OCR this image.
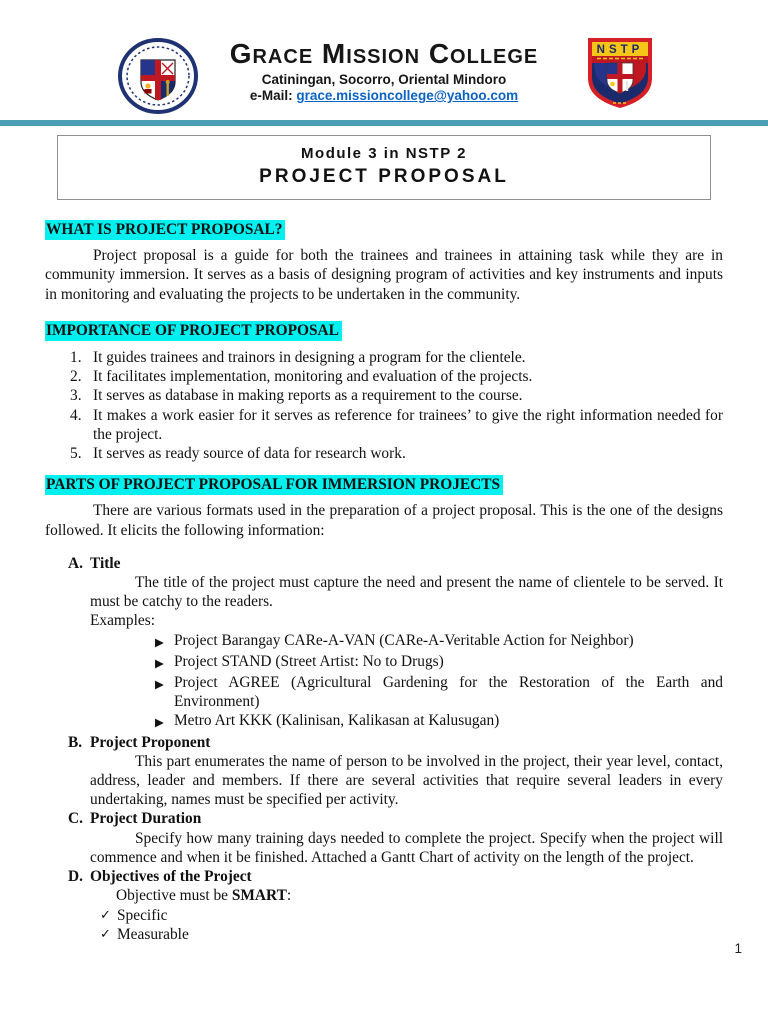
Grace Mission College
Catiningan, Socorro, Oriental Mindoro
e-Mail: grace.missioncollege@yahoo.com
NSTP
Module 3 in NSTP 2
PROJECT PROPOSAL
WHAT IS PROJECT PROPOSAL?

Project proposal is a guide for both the trainees and trainees in attaining task while they are in community immersion. It serves as a basis of designing program of activities and key instruments and inputs in monitoring and evaluating the projects to be undertaken in the community.

IMPORTANCE OF PROJECT PROPOSAL
1. It guides trainees and trainors in designing a program for the clientele.
2. It facilitates implementation, monitoring and evaluation of the projects.
3. It serves as database in making reports as a requirement to the course.
4. It makes a work easier for it serves as reference for trainees’ to give the right information needed for the project.
5. It serves as ready source of data for research work.
PARTS OF PROJECT PROPOSAL FOR IMMERSION PROJECTS

There are various formats used in the preparation of a project proposal. This is the one of the designs followed. It elicits the following information:

A. Title

The title of the project must capture the need and present the name of clientele to be served. It must be catchy to the readers.

Examples:
▶ Project Barangay CARe-A-VAN (CARe-A-Veritable Action for Neighbor)
▶ Project STAND (Street Artist: No to Drugs)
▶ Project AGREE (Agricultural Gardening for the Restoration of the Earth and Environment)
▶ Metro Art KKK (Kalinisan, Kalikasan at Kalusugan)
B. Project Proponent

This part enumerates the name of person to be involved in the project, their year level, contact, address, leader and members. If there are several activities that require several leaders in every undertaking, names must be specified per activity.

C. Project Duration

Specify how many training days needed to complete the project. Specify when the project will commence and when it be finished. Attached a Gantt Chart of activity on the length of the project.

D. Objectives of the Project
Objective must be SMART:
✓ Specific
✓ Measurable
1
